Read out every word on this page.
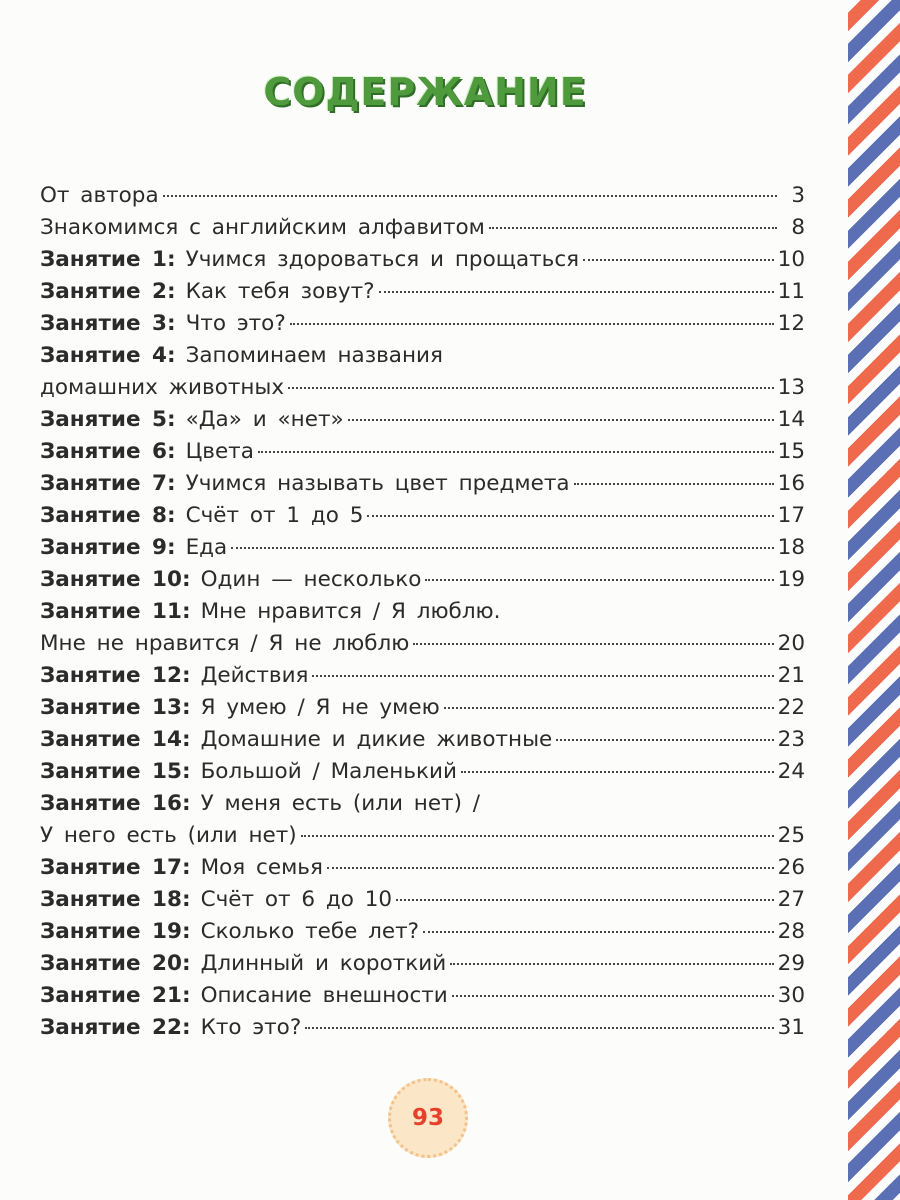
СОДЕРЖАНИЕ
От автора	3
Знакомимся с английским алфавитом	8
Занятие 1: Учимся здороваться и прощаться	10
Занятие 2: Как тебя зовут?	11
Занятие 3: Что это?	12
Занятие 4: Запоминаем названия
домашних животных	13
Занятие 5: «Да» и «нет»	14
Занятие 6: Цвета	15
Занятие 7: Учимся называть цвет предмета	16
Занятие 8: Счёт от 1 до 5	17
Занятие 9: Еда	18
Занятие 10: Один — несколько	19
Занятие 11: Мне нравится / Я люблю.
Мне не нравится / Я не люблю	20
Занятие 12: Действия	21
Занятие 13: Я умею / Я не умею	22
Занятие 14: Домашние и дикие животные	23
Занятие 15: Большой / Маленький	24
Занятие 16: У меня есть (или нет) /
У него есть (или нет)	25
Занятие 17: Моя семья	26
Занятие 18: Счёт от 6 до 10	27
Занятие 19: Сколько тебе лет?	28
Занятие 20: Длинный и короткий	29
Занятие 21: Описание внешности	30
Занятие 22: Кто это?	31
93
